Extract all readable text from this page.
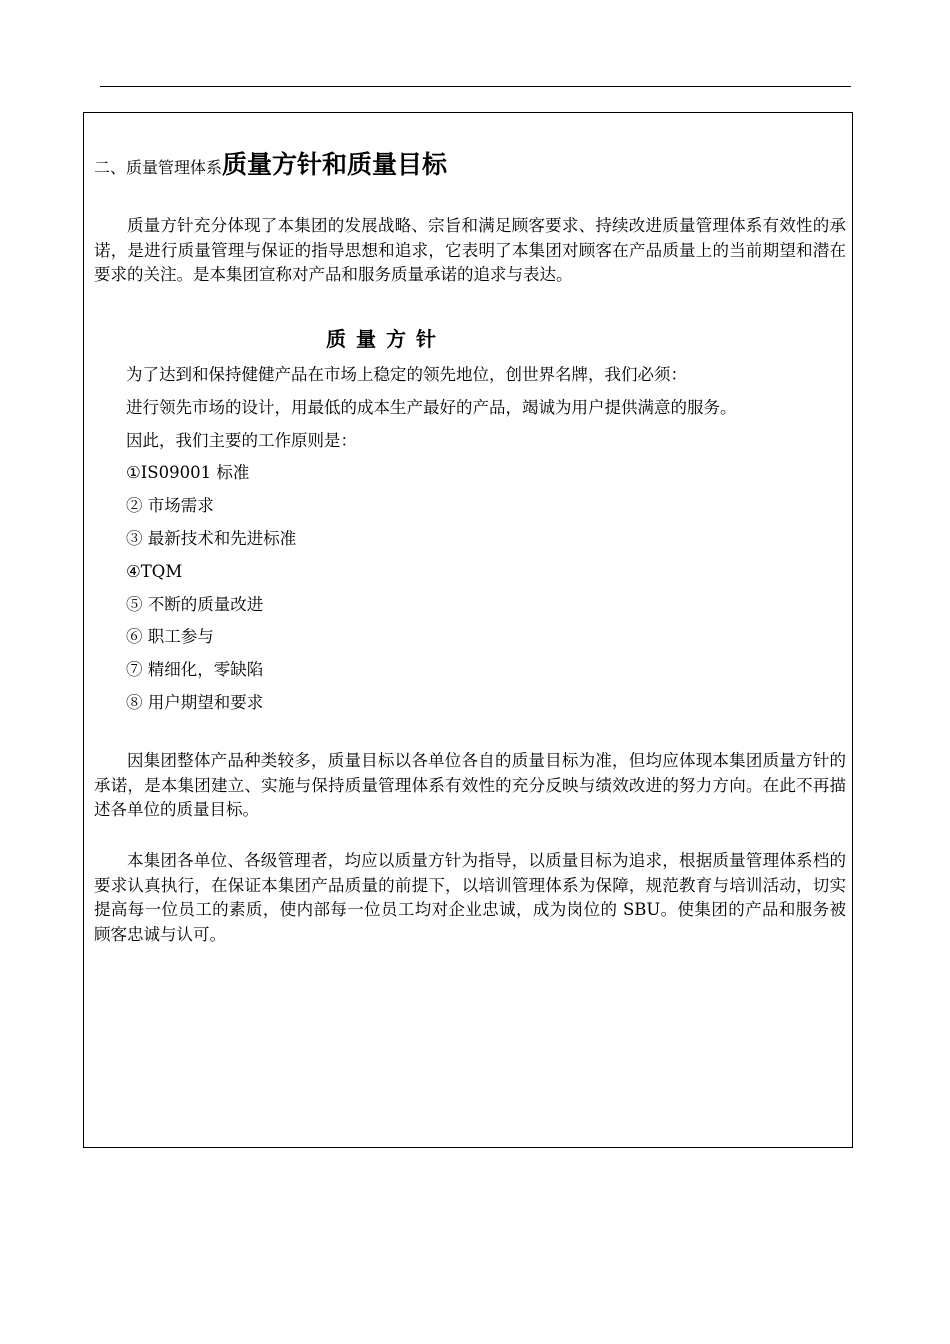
二、质量管理体系质量方针和质量目标

质量方针充分体现了本集团的发展战略、宗旨和满足顾客要求、持续改进质量管理体系有效性的承诺，是进行质量管理与保证的指导思想和追求，它表明了本集团对顾客在产品质量上的当前期望和潜在要求的关注。是本集团宣称对产品和服务质量承诺的追求与表达。

质量方针
为了达到和保持健健产品在市场上稳定的领先地位，创世界名牌，我们必须：
进行领先市场的设计，用最低的成本生产最好的产品，竭诚为用户提供满意的服务。
因此，我们主要的工作原则是：
①IS09001 标准
② 市场需求
③ 最新技术和先进标准
④TQM
⑤ 不断的质量改进
⑥ 职工参与
⑦ 精细化，零缺陷
⑧ 用户期望和要求

因集团整体产品种类较多，质量目标以各单位各自的质量目标为准，但均应体现本集团质量方针的承诺，是本集团建立、实施与保持质量管理体系有效性的充分反映与绩效改进的努力方向。在此不再描述各单位的质量目标。

本集团各单位、各级管理者，均应以质量方针为指导，以质量目标为追求，根据质量管理体系档的要求认真执行，在保证本集团产品质量的前提下，以培训管理体系为保障，规范教育与培训活动，切实提高每一位员工的素质，使内部每一位员工均对企业忠诚，成为岗位的 SBU。使集团的产品和服务被顾客忠诚与认可。
